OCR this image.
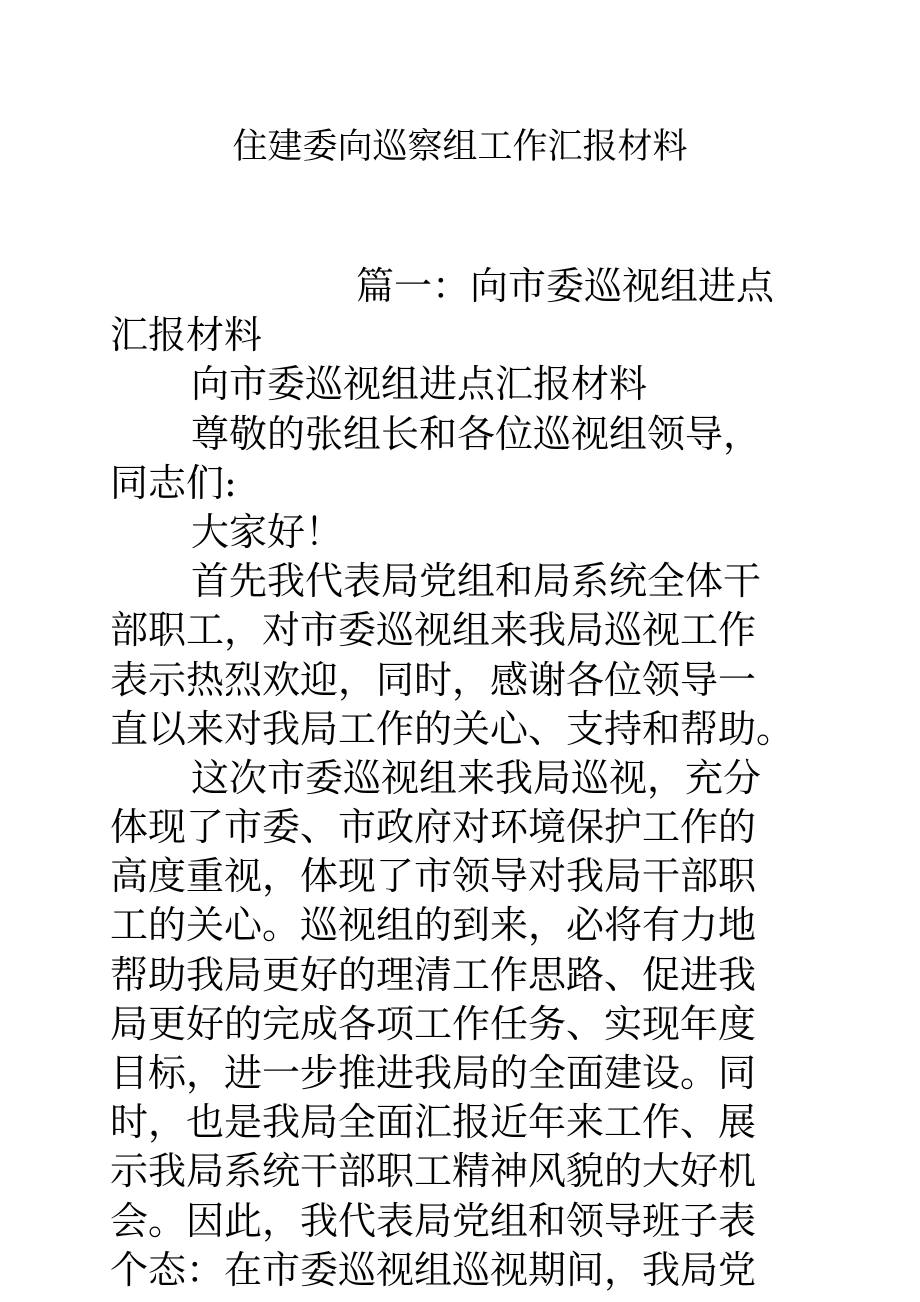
住建委向巡察组工作汇报材料

篇一：向市委巡视组进点

汇报材料

向市委巡视组进点汇报材料

尊敬的张组长和各位巡视组领导，

同志们:

大家好！

首先我代表局党组和局系统全体干

部职工，对市委巡视组来我局巡视工作

表示热烈欢迎，同时，感谢各位领导一

直以来对我局工作的关心、支持和帮助。

这次市委巡视组来我局巡视，充分

体现了市委、市政府对环境保护工作的

高度重视，体现了市领导对我局干部职

工的关心。巡视组的到来，必将有力地

帮助我局更好的理清工作思路、促进我

局更好的完成各项工作任务、实现年度

目标，进一步推进我局的全面建设。同

时，也是我局全面汇报近年来工作、展

示我局系统干部职工精神风貌的大好机

会。因此，我代表局党组和领导班子表

个态：在市委巡视组巡视期间，我局党
